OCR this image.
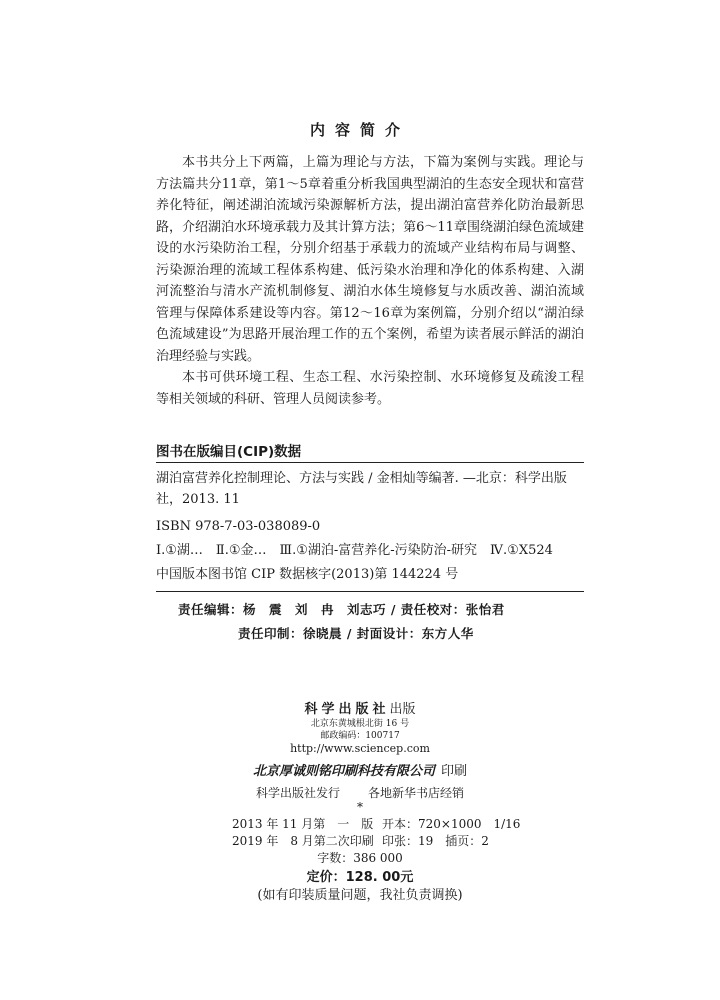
内容简介

本书共分上下两篇，上篇为理论与方法，下篇为案例与实践。理论与方法篇共分11章，第1～5章着重分析我国典型湖泊的生态安全现状和富营养化特征，阐述湖泊流域污染源解析方法，提出湖泊富营养化防治最新思路，介绍湖泊水环境承载力及其计算方法；第6～11章围绕湖泊绿色流域建设的水污染防治工程，分别介绍基于承载力的流域产业结构布局与调整、污染源治理的流域工程体系构建、低污染水治理和净化的体系构建、入湖河流整治与清水产流机制修复、湖泊水体生境修复与水质改善、湖泊流域管理与保障体系建设等内容。第12～16章为案例篇，分别介绍以“湖泊绿色流域建设”为思路开展治理工作的五个案例，希望为读者展示鲜活的湖泊治理经验与实践。

本书可供环境工程、生态工程、水污染控制、水环境修复及疏浚工程等相关领域的科研、管理人员阅读参考。

图书在版编目(CIP)数据
湖泊富营养化控制理论、方法与实践 / 金相灿等编著. —北京：科学出版社，2013. 11
ISBN 978-7-03-038089-0
Ⅰ.①湖…　Ⅱ.①金…　Ⅲ.①湖泊-富营养化-污染防治-研究　Ⅳ.①X524
中国版本图书馆 CIP 数据核字(2013)第 144224 号
责任编辑：杨　震　刘　冉　刘志巧 / 责任校对：张怡君
责任印制：徐晓晨 / 封面设计：东方人华
科学出版社出版
北京东黄城根北街 16 号
邮政编码：100717
http://www.sciencep.com
北京厚诚则铭印刷科技有限公司 印刷
科学出版社发行 各地新华书店经销
*
2013 年 11 月第　一　版 开本：720×1000　1/16
2019 年　8 月第二次印刷 印张：19　插页：2
字数：386 000
定价：128. 00元
(如有印装质量问题，我社负责调换)
